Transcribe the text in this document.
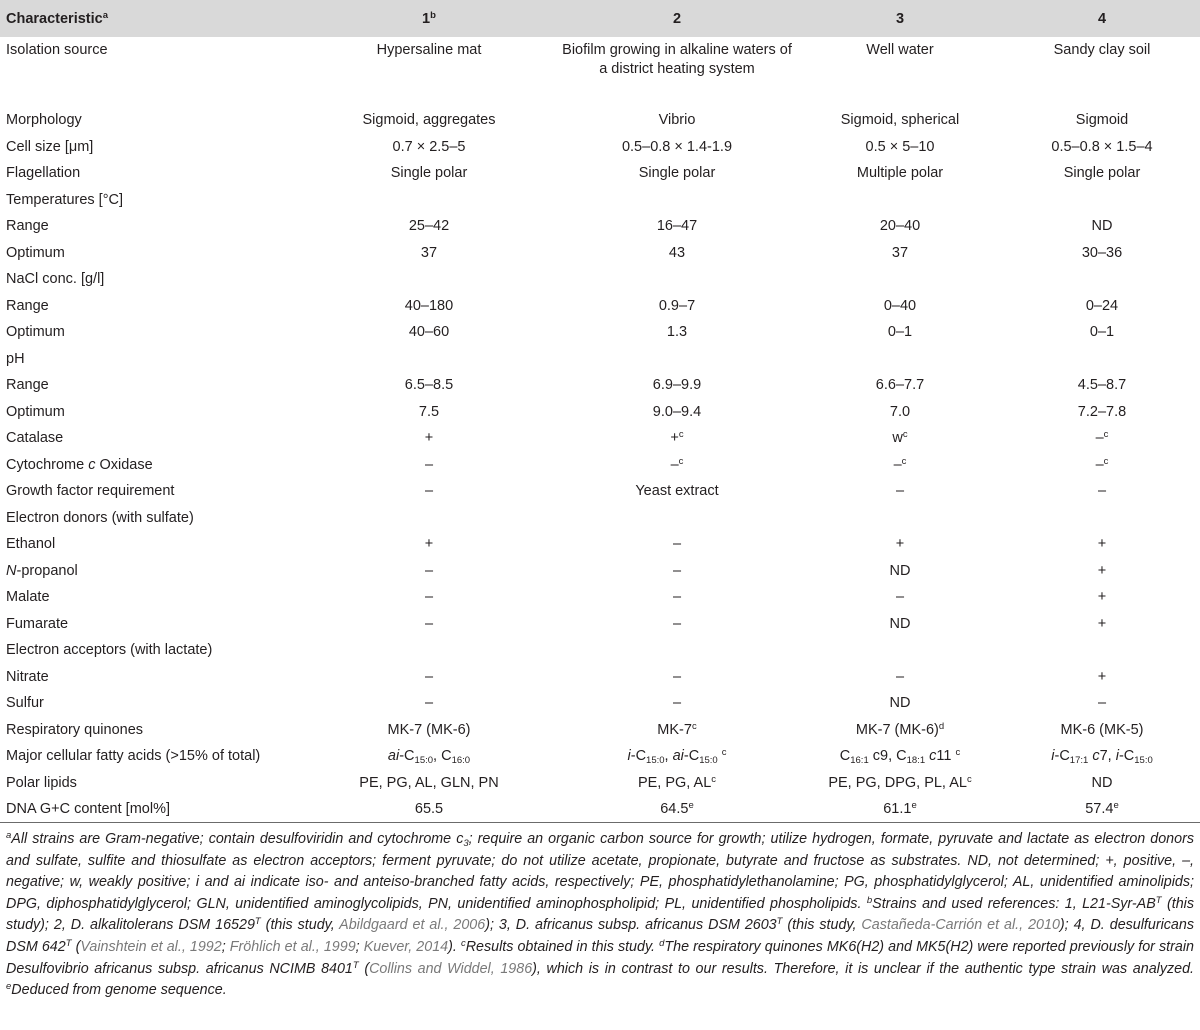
Characteristic$^a$	1$^b$	2	3	4
Isolation source	Hypersaline mat	Biofilm growing in alkaline waters of a district heating system	Well water	Sandy clay soil
Morphology	Sigmoid, aggregates	Vibrio	Sigmoid, spherical	Sigmoid
Cell size [μm]	0.7 × 2.5–5	0.5–0.8 × 1.4-1.9	0.5 × 5–10	0.5–0.8 × 1.5–4
Flagellation	Single polar	Single polar	Multiple polar	Single polar
Temperatures [°C]				
Range	25–42	16–47	20–40	ND
Optimum	37	43	37	30–36
NaCl conc. [g/l]				
Range	40–180	0.9–7	0–40	0–24
Optimum	40–60	1.3	0–1	0–1
pH				
Range	6.5–8.5	6.9–9.9	6.6–7.7	4.5–8.7
Optimum	7.5	9.0–9.4	7.0	7.2–7.8
Catalase	+	+$^c$	$w^c$	–$^c$
Cytochrome c Oxidase	–	–$^c$	–$^c$	–$^c$
Growth factor requirement	–	Yeast extract	–	–
Electron donors (with sulfate)				
Ethanol	+	–	+	+
N-propanol	–	–	ND	+
Malate	–	–	–	+
Fumarate	–	–	ND	+
Electron acceptors (with lactate)				
Nitrate	–	–	–	+
Sulfur	–	–	ND	–
Respiratory quinones	MK-7 (MK-6)	MK-7$^c$	MK-7 $(MK-6)^d$	MK-6 (MK-5)
Major cellular fatty acids (>15% of total)	$ai-C_{15:0}$, $C_{16:0}$	$i-C_{15:0}$, $ai-C_{15:0}$ $^c$	$C_{16:1}$ c9, $C_{18:1}$ c11 $^c$	$i-C_{17:1}$ c7, $i-C_{15:0}$
Polar lipids	PE, PG, AL, GLN, PN	PE, PG, $AL^c$	PE, PG, DPG, PL, $AL^c$	ND
DNA G+C content [mol%]	65.5	64.5e	61.1e	57.4e
$^a$All strains are Gram-negative; contain desulfoviridin and cytochrome $c_3$; require an organic carbon source for growth; utilize hydrogen, formate, pyruvate and lactate as electron donors and sulfate, sulfite and thiosulfate as electron acceptors; ferment pyruvate; do not utilize acetate, propionate, butyrate and fructose as substrates. ND, not determined; +, positive, –, negative; w, weakly positive; i and ai indicate iso- and anteiso-branched fatty acids, respectively; PE, phosphatidylethanolamine; PG, phosphatidylglycerol; AL, unidentified aminolipids; DPG, diphosphatidylglycerol; GLN, unidentified aminoglycolipids, PN, unidentified aminophospholipid; PL, unidentified phospholipids. $^b$Strains and used references: 1, $L21-Syr-AB^T$ (this study); 2, D. alkalitolerans DSM $16529^T$ (this study, Abildgaard et al., 2006); 3, D. africanus subsp. africanus DSM $2603^T$ (this study, Castañeda-Carrión et al., 2010); 4, D. desulfuricans DSM $642^T$ (Vainshtein et al., 1992; Fröhlich et al., 1999; Kuever, 2014). $^c$Results obtained in this study. $^d$The respiratory quinones MK6(H2) and MK5(H2) were reported previously for strain Desulfovibrio africanus subsp. africanus NCIMB $8401^T$ (Collins and Widdel, 1986), which is in contrast to our results. Therefore, it is unclear if the authentic type strain was analyzed. $^e$Deduced from genome sequence.
